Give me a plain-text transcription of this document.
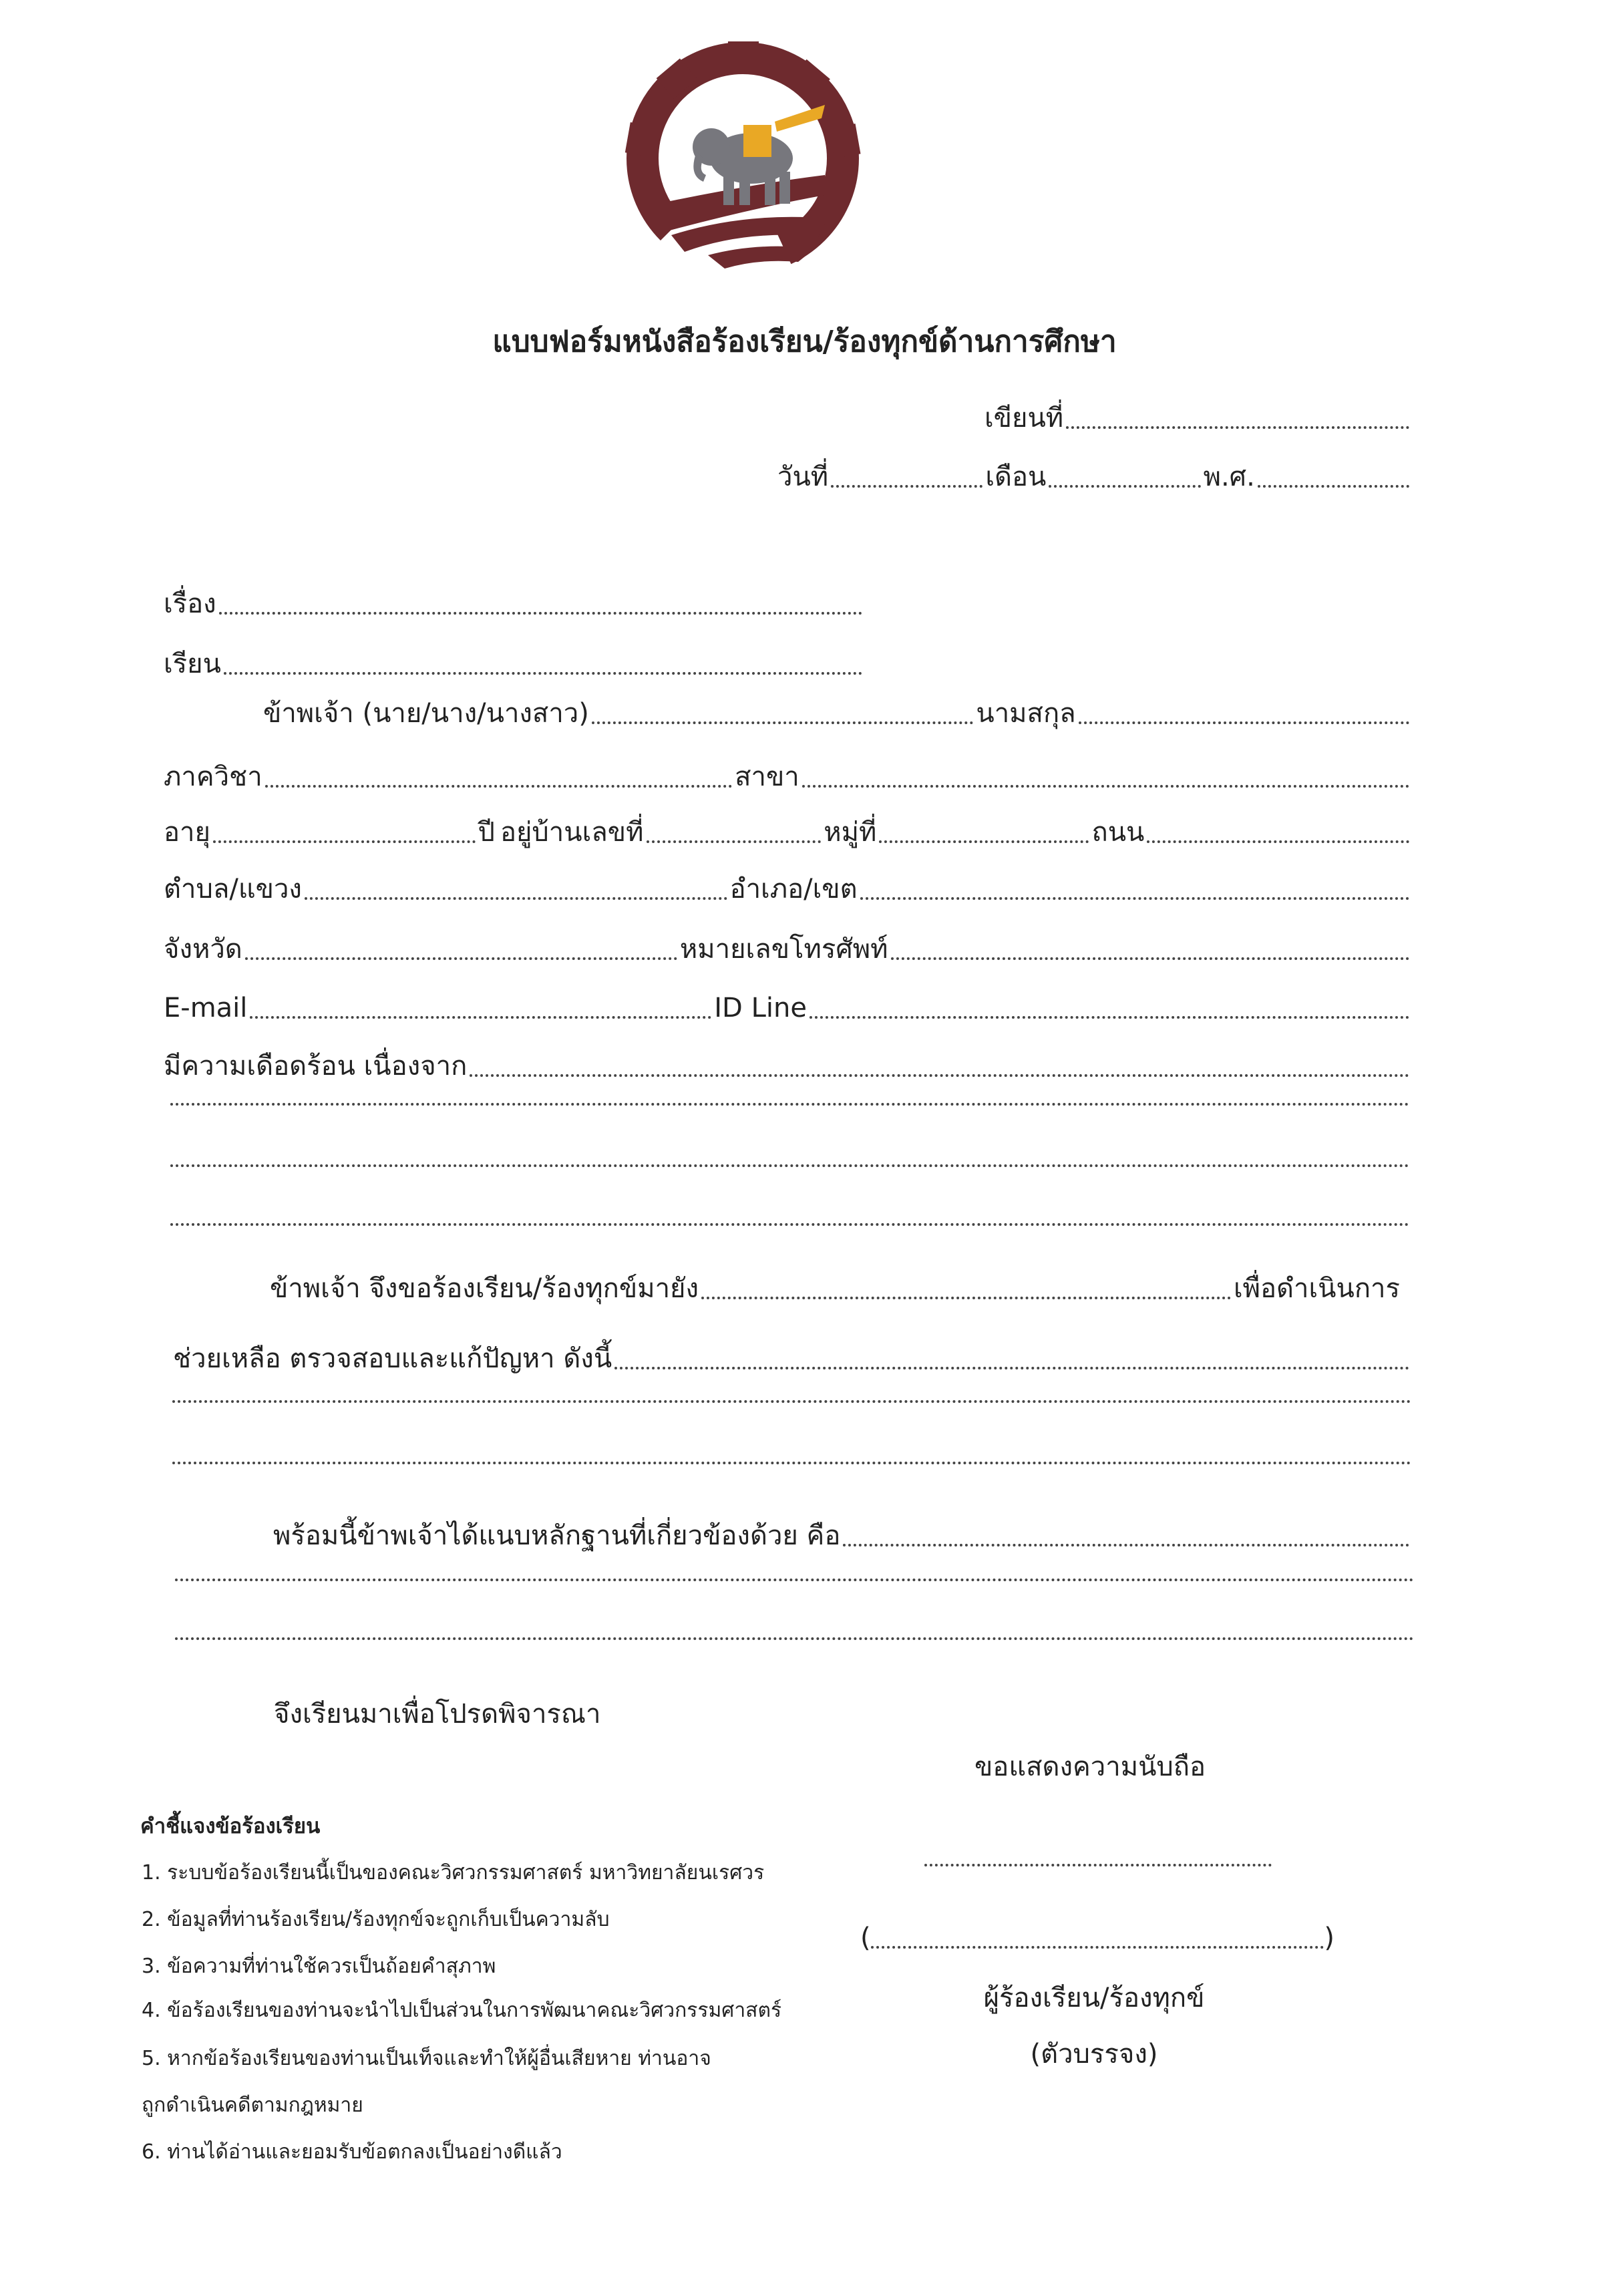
แบบฟอร์มหนังสือร้องเรียน/ร้องทุกข์ด้านการศึกษา
เขียนที่
วันที่	เดือน	พ.ศ.
เรื่อง
เรียน
ข้าพเจ้า (นาย/นาง/นางสาว)	นามสกุล
ภาควิชา	สาขา
อายุ	ปี อยู่บ้านเลขที่	หมู่ที่	ถนน
ตำบล/แขวง	อำเภอ/เขต
จังหวัด	หมายเลขโทรศัพท์
E-mail	ID Line
มีความเดือดร้อน เนื่องจาก
ข้าพเจ้า จึงขอร้องเรียน/ร้องทุกข์มายัง	เพื่อดำเนินการ
ช่วยเหลือ ตรวจสอบและแก้ปัญหา ดังนี้
พร้อมนี้ข้าพเจ้าได้แนบหลักฐานที่เกี่ยวข้องด้วย คือ
จึงเรียนมาเพื่อโปรดพิจารณา
ขอแสดงความนับถือ
(	)
ผู้ร้องเรียน/ร้องทุกข์
(ตัวบรรจง)
คำชี้แจงข้อร้องเรียน
1. ระบบข้อร้องเรียนนี้เป็นของคณะวิศวกรรมศาสตร์ มหาวิทยาลัยนเรศวร
2. ข้อมูลที่ท่านร้องเรียน/ร้องทุกข์จะถูกเก็บเป็นความลับ
3. ข้อความที่ท่านใช้ควรเป็นถ้อยคำสุภาพ
4. ข้อร้องเรียนของท่านจะนำไปเป็นส่วนในการพัฒนาคณะวิศวกรรมศาสตร์
5. หากข้อร้องเรียนของท่านเป็นเท็จและทำให้ผู้อื่นเสียหาย ท่านอาจ
ถูกดำเนินคดีตามกฎหมาย
6. ท่านได้อ่านและยอมรับข้อตกลงเป็นอย่างดีแล้ว
